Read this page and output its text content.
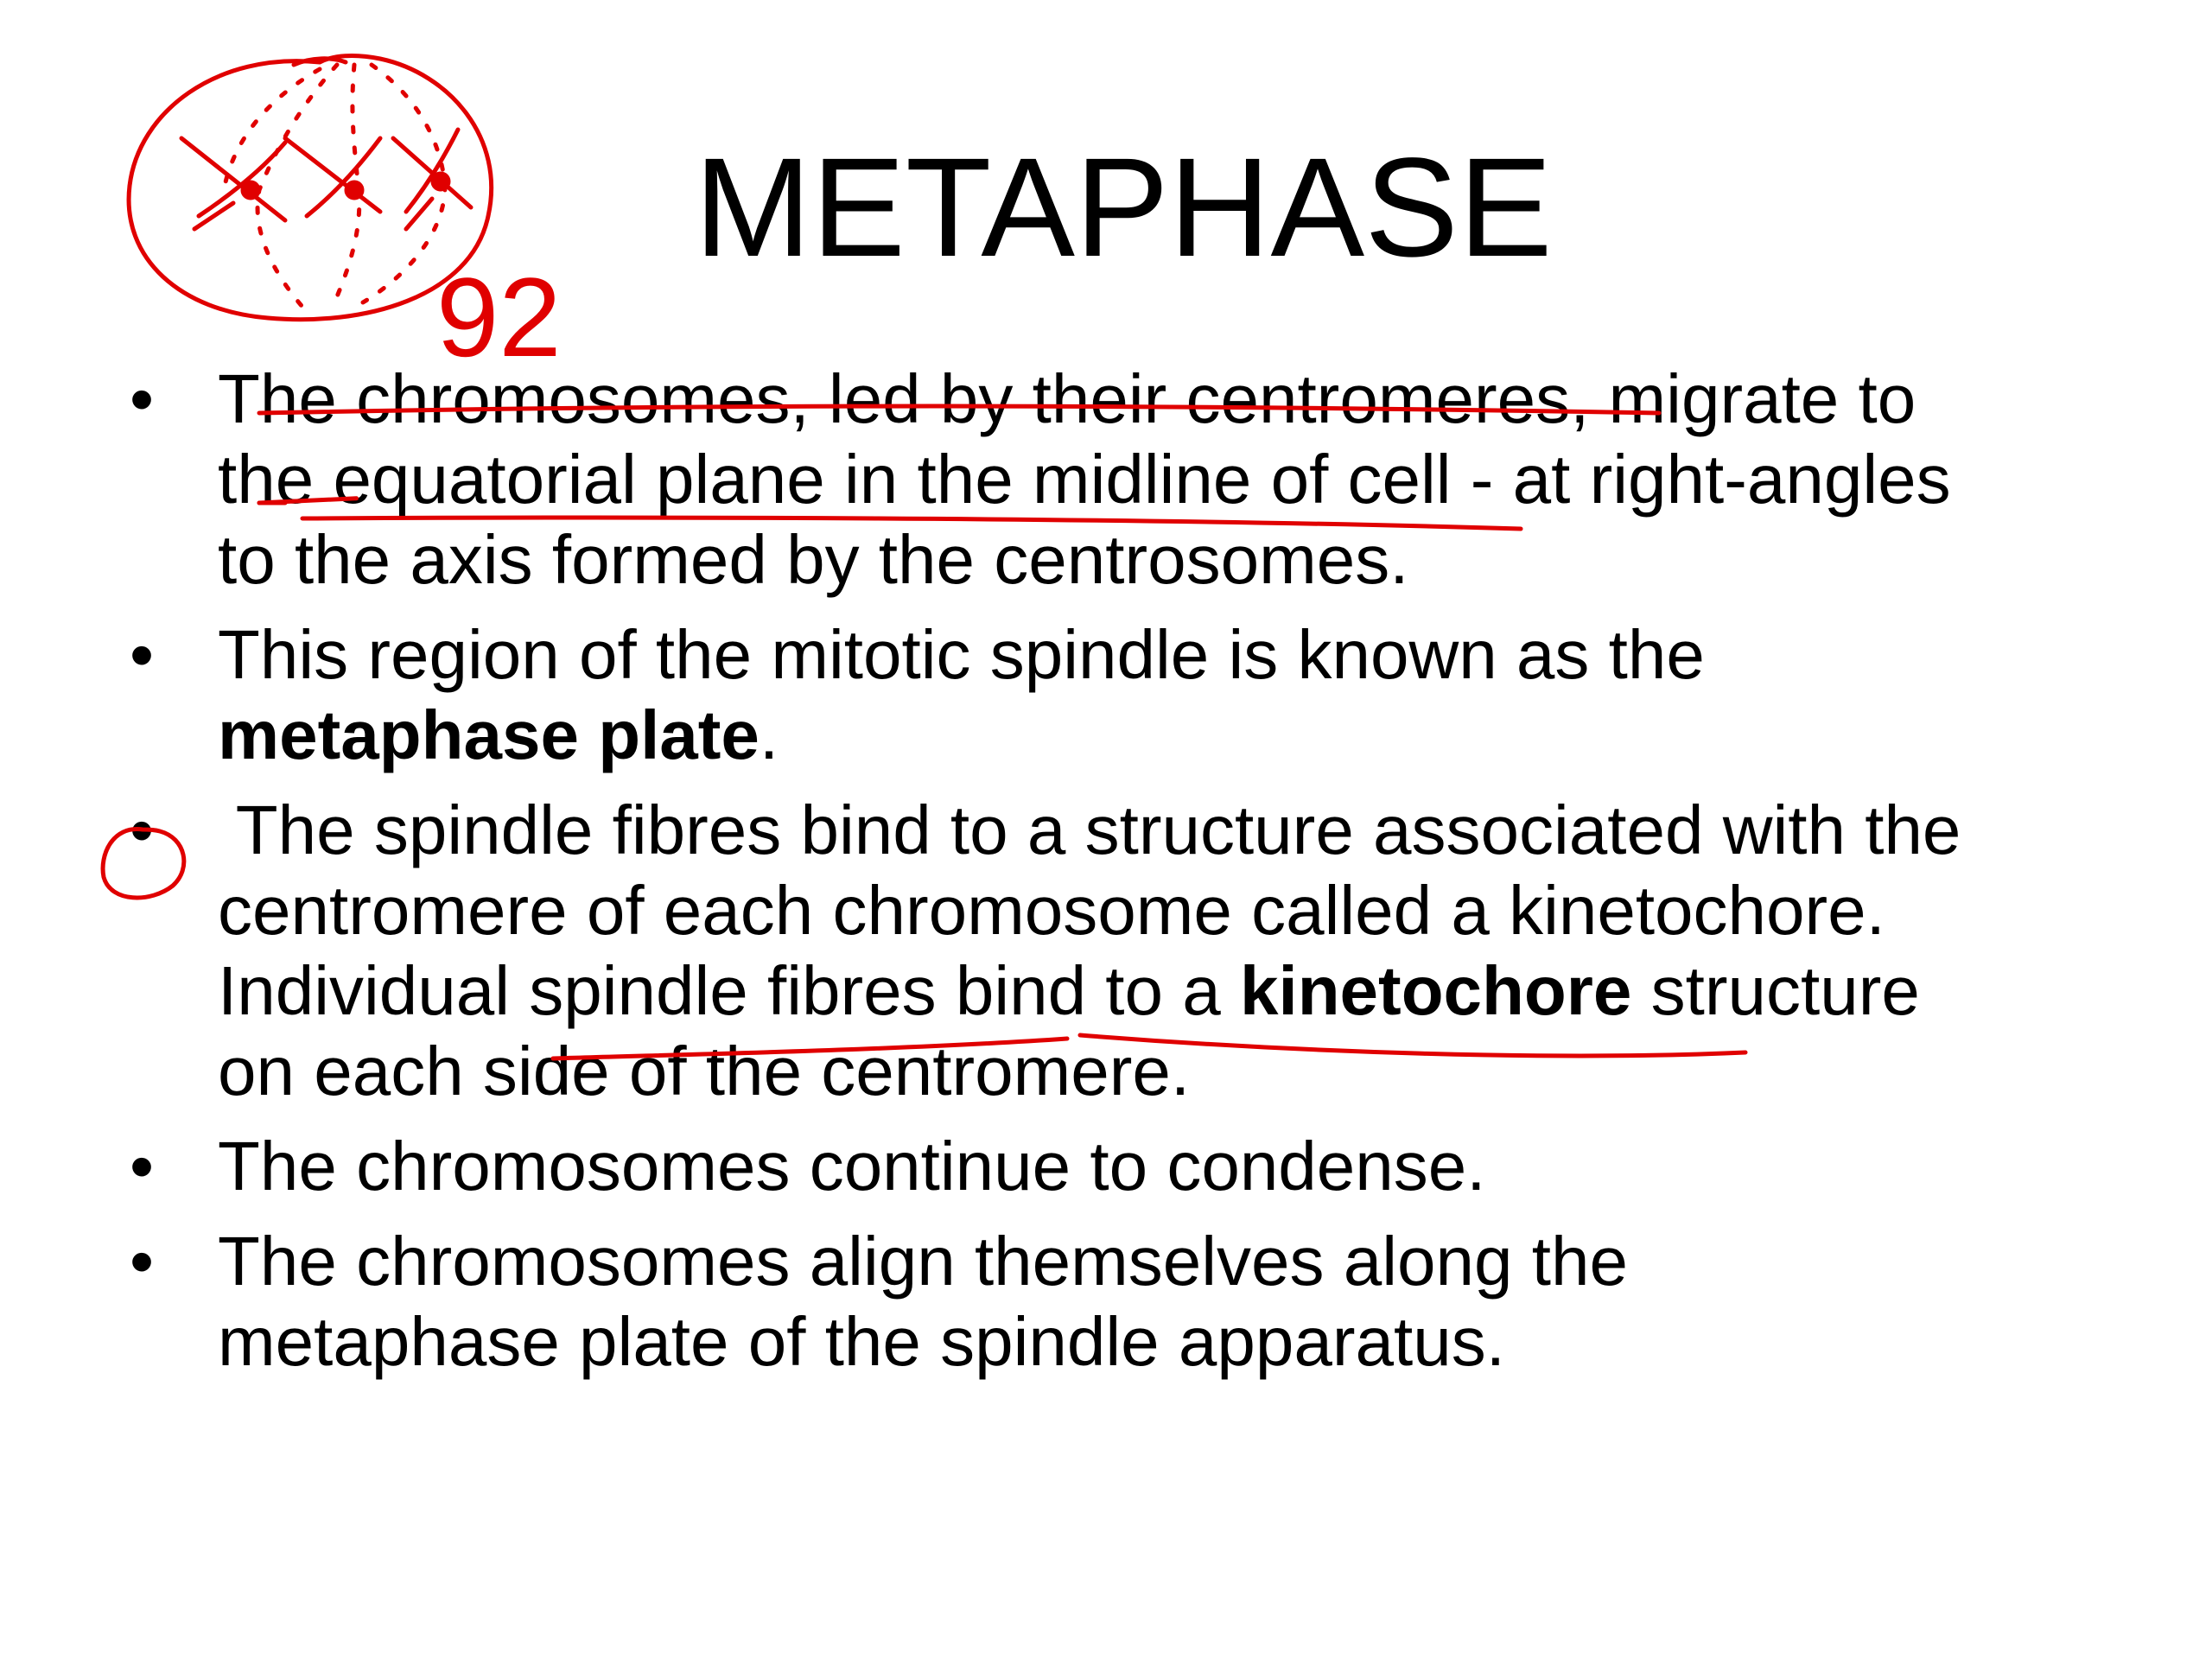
METAPHASE
• The chromosomes, led by their centromeres, migrate to

the equatorial plane in the midline of cell - at right-angles

to the axis formed by the centrosomes.

• This region of the mitotic spindle is known as the

metaphase plate.

• The spindle fibres bind to a structure associated with the

centromere of each chromosome called a kinetochore.

Individual spindle fibres bind to a kinetochore structure

on each side of the centromere.

• The chromosomes continue to condense.

• The chromosomes align themselves along the

metaphase plate of the spindle apparatus.

92
